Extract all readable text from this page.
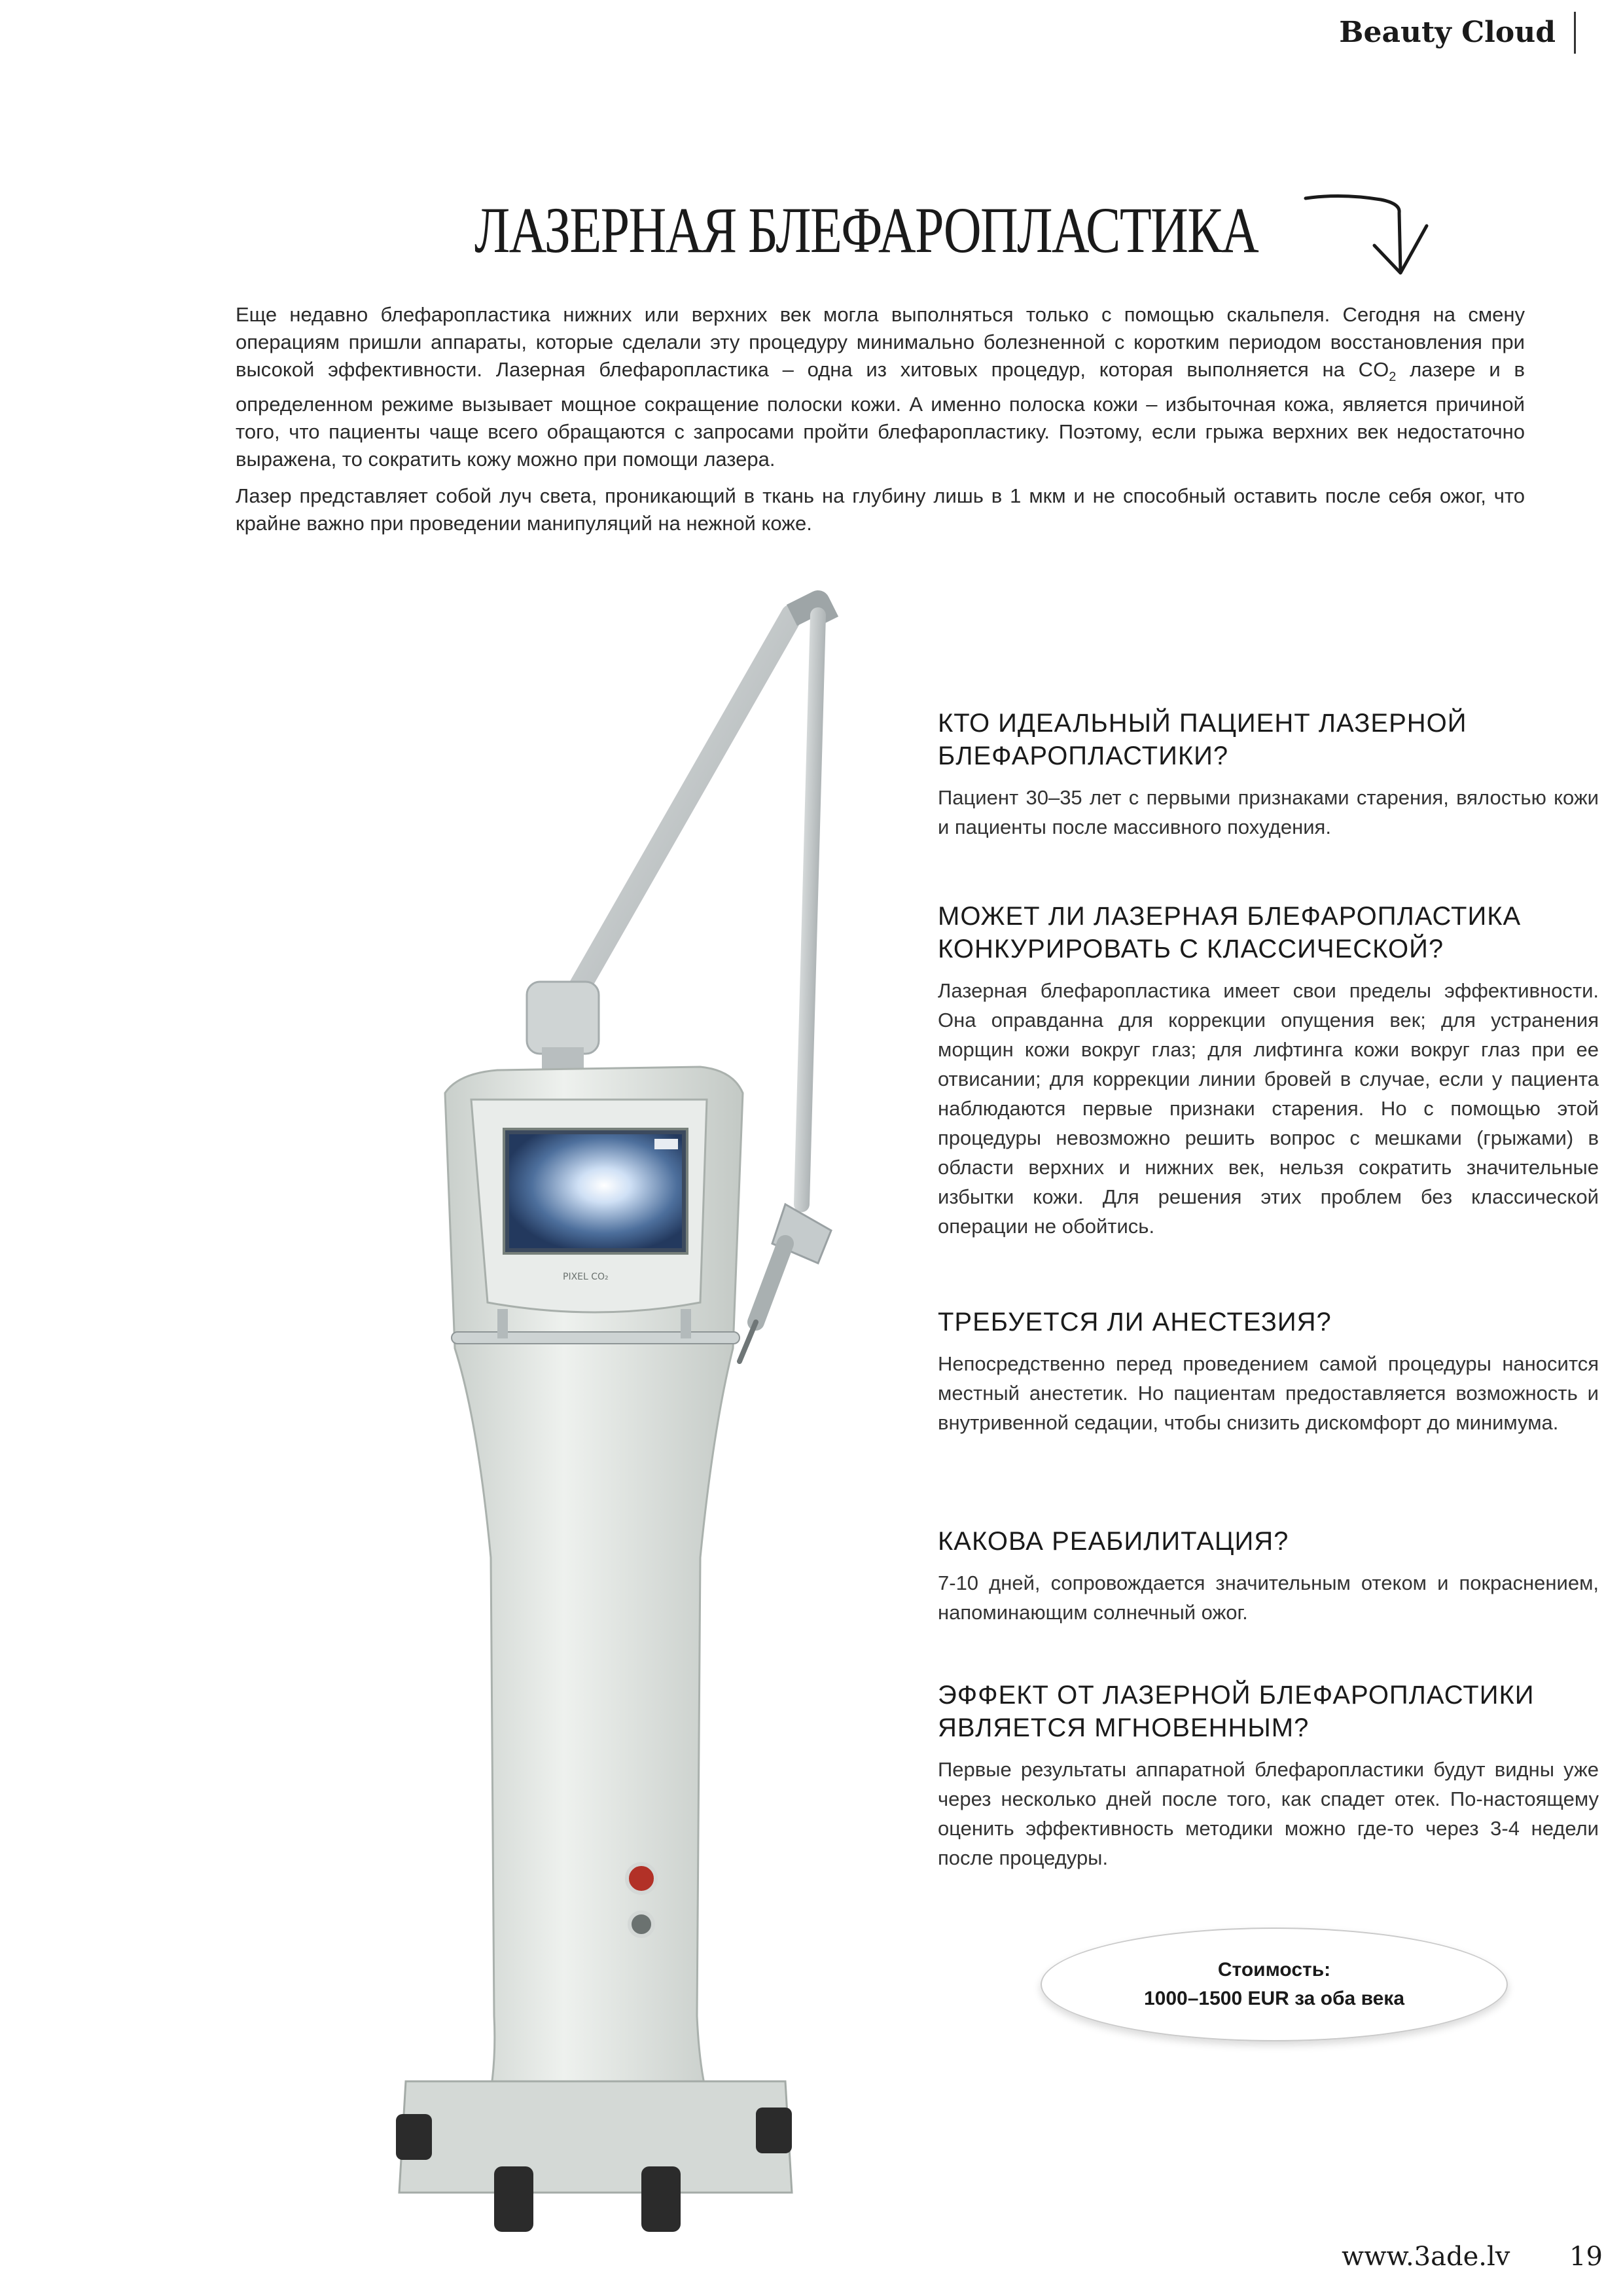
Beauty Cloud
ЛАЗЕРНАЯ БЛЕФАРОПЛАСТИКА

Еще недавно блефаропластика нижних или верхних век могла выполняться только с помощью скальпеля. Сегодня на смену операциям пришли аппараты, которые сделали эту процедуру минимально болезненной с коротким периодом восстановления при высокой эффективности. Лазерная блефаропластика – одна из хитовых процедур, которая выполняется на $CO_2$ лазере и в определенном режиме вызывает мощное сокращение полоски кожи. А именно полоска кожи – избыточная кожа, является причиной того, что пациенты чаще всего обращаются с запросами пройти блефаропластику. Поэтому, если грыжа верхних век недостаточно выражена, то сократить кожу можно при помощи лазера.

Лазер представляет собой луч света, проникающий в ткань на глубину лишь в 1 мкм и не способный оставить после себя ожог, что крайне важно при проведении манипуляций на нежной коже.

PIXEL CO₂
КТО ИДЕАЛЬНЫЙ ПАЦИЕНТ ЛАЗЕРНОЙ БЛЕФАРОПЛАСТИКИ?

Пациент 30–35 лет с первыми признаками старения, вялостью кожи и пациенты после массивного похудения.

МОЖЕТ ЛИ ЛАЗЕРНАЯ БЛЕФАРОПЛАСТИКА КОНКУРИРОВАТЬ С КЛАССИЧЕСКОЙ?

Лазерная блефаропластика имеет свои пределы эффективности. Она оправданна для коррекции опущения век; для устранения морщин кожи вокруг глаз; для лифтинга кожи вокруг глаз при ее отвисании; для коррекции линии бровей в случае, если у пациента наблюдаются первые признаки старения. Но с помощью этой процедуры невозможно решить вопрос с мешками (грыжами) в области верхних и нижних век, нельзя сократить значительные избытки кожи. Для решения этих проблем без классической операции не обойтись.

ТРЕБУЕТСЯ ЛИ АНЕСТЕЗИЯ?

Непосредственно перед проведением самой процедуры наносится местный анестетик. Но пациентам предоставляется возможность и внутривенной седации, чтобы снизить дискомфорт до минимума.

КАКОВА РЕАБИЛИТАЦИЯ?

7-10 дней, сопровождается значительным отеком и покраснением, напоминающим солнечный ожог.

ЭФФЕКТ ОТ ЛАЗЕРНОЙ БЛЕФАРОПЛАСТИКИ ЯВЛЯЕТСЯ МГНОВЕННЫМ?

Первые результаты аппаратной блефаропластики будут видны уже через несколько дней после того, как спадет отек. По-настоящему оценить эффективность методики можно где-то через 3-4 недели после процедуры.

Стоимость:
1000–1500 EUR за оба века
www.3ade.lv 19
